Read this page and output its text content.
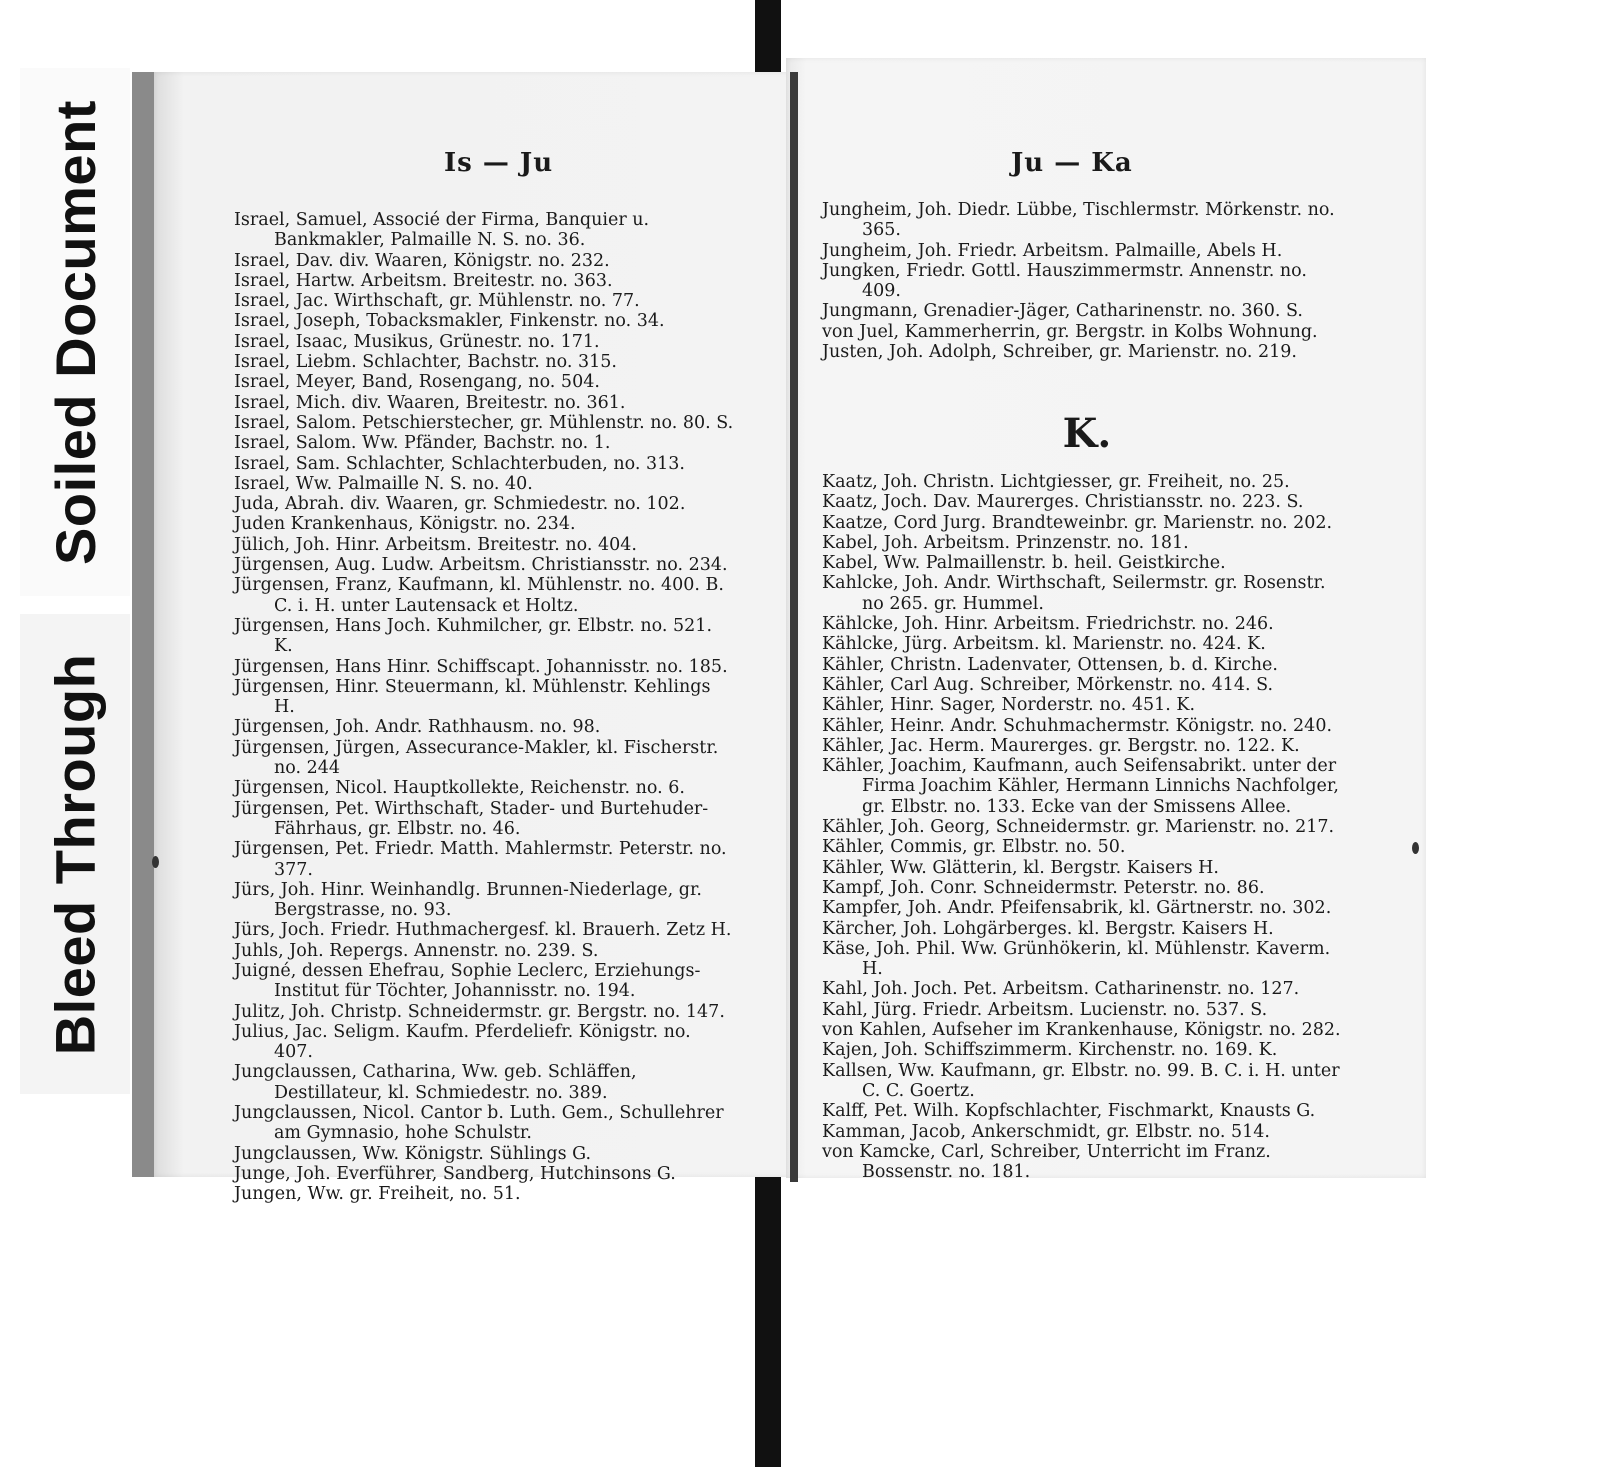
Soiled Document
Bleed Through
Is — Ju
Israel, Samuel, Associé der Firma, Banquier u. Bankmakler, Palmaille N. S. no. 36.
Israel, Dav. div. Waaren, Königstr. no. 232.
Israel, Hartw. Arbeitsm. Breitestr. no. 363.
Israel, Jac. Wirthschaft, gr. Mühlenstr. no. 77.
Israel, Joseph, Tobacksmakler, Finkenstr. no. 34.
Israel, Isaac, Musikus, Grünestr. no. 171.
Israel, Liebm. Schlachter, Bachstr. no. 315.
Israel, Meyer, Band, Rosengang, no. 504.
Israel, Mich. div. Waaren, Breitestr. no. 361.
Israel, Salom. Petschierstecher, gr. Mühlenstr. no. 80. S.
Israel, Salom. Ww. Pfänder, Bachstr. no. 1.
Israel, Sam. Schlachter, Schlachterbuden, no. 313.
Israel, Ww. Palmaille N. S. no. 40.
Juda, Abrah. div. Waaren, gr. Schmiedestr. no. 102.
Juden Krankenhaus, Königstr. no. 234.
Jülich, Joh. Hinr. Arbeitsm. Breitestr. no. 404.
Jürgensen, Aug. Ludw. Arbeitsm. Christiansstr. no. 234.
Jürgensen, Franz, Kaufmann, kl. Mühlenstr. no. 400. B. C. i. H. unter Lautensack et Holtz.
Jürgensen, Hans Joch. Kuhmilcher, gr. Elbstr. no. 521. K.
Jürgensen, Hans Hinr. Schiffscapt. Johannisstr. no. 185.
Jürgensen, Hinr. Steuermann, kl. Mühlenstr. Kehlings H.
Jürgensen, Joh. Andr. Rathhausm. no. 98.
Jürgensen, Jürgen, Assecurance-Makler, kl. Fischerstr. no. 244
Jürgensen, Nicol. Hauptkollekte, Reichenstr. no. 6.
Jürgensen, Pet. Wirthschaft, Stader- und Burtehuder-Fährhaus, gr. Elbstr. no. 46.
Jürgensen, Pet. Friedr. Matth. Mahlermstr. Peterstr. no. 377.
Jürs, Joh. Hinr. Weinhandlg. Brunnen-Niederlage, gr. Bergstrasse, no. 93.
Jürs, Joch. Friedr. Huthmachergesf. kl. Brauerh. Zetz H.
Juhls, Joh. Repergs. Annenstr. no. 239. S.
Juigné, dessen Ehefrau, Sophie Leclerc, Erziehungs-Institut für Töchter, Johannisstr. no. 194.
Julitz, Joh. Christp. Schneidermstr. gr. Bergstr. no. 147.
Julius, Jac. Seligm. Kaufm. Pferdeliefr. Königstr. no. 407.
Jungclaussen, Catharina, Ww. geb. Schläffen, Destillateur, kl. Schmiedestr. no. 389.
Jungclaussen, Nicol. Cantor b. Luth. Gem., Schullehrer am Gymnasio, hohe Schulstr.
Jungclaussen, Ww. Königstr. Sühlings G.
Junge, Joh. Everführer, Sandberg, Hutchinsons G.
Jungen, Ww. gr. Freiheit, no. 51.
Ju — Ka
Jungheim, Joh. Diedr. Lübbe, Tischlermstr. Mörkenstr. no. 365.
Jungheim, Joh. Friedr. Arbeitsm. Palmaille, Abels H.
Jungken, Friedr. Gottl. Hauszimmermstr. Annenstr. no. 409.
Jungmann, Grenadier-Jäger, Catharinenstr. no. 360. S.
von Juel, Kammerherrin, gr. Bergstr. in Kolbs Wohnung.
Justen, Joh. Adolph, Schreiber, gr. Marienstr. no. 219.
K.
Kaatz, Joh. Christn. Lichtgiesser, gr. Freiheit, no. 25.
Kaatz, Joch. Dav. Maurerges. Christiansstr. no. 223. S.
Kaatze, Cord Jurg. Brandteweinbr. gr. Marienstr. no. 202.
Kabel, Joh. Arbeitsm. Prinzenstr. no. 181.
Kabel, Ww. Palmaillenstr. b. heil. Geistkirche.
Kahlcke, Joh. Andr. Wirthschaft, Seilermstr. gr. Rosenstr. no 265. gr. Hummel.
Kählcke, Joh. Hinr. Arbeitsm. Friedrichstr. no. 246.
Kählcke, Jürg. Arbeitsm. kl. Marienstr. no. 424. K.
Kähler, Christn. Ladenvater, Ottensen, b. d. Kirche.
Kähler, Carl Aug. Schreiber, Mörkenstr. no. 414. S.
Kähler, Hinr. Sager, Norderstr. no. 451. K.
Kähler, Heinr. Andr. Schuhmachermstr. Königstr. no. 240.
Kähler, Jac. Herm. Maurerges. gr. Bergstr. no. 122. K.
Kähler, Joachim, Kaufmann, auch Seifensabrikt. unter der Firma Joachim Kähler, Hermann Linnichs Nachfolger, gr. Elbstr. no. 133. Ecke van der Smissens Allee.
Kähler, Joh. Georg, Schneidermstr. gr. Marienstr. no. 217.
Kähler, Commis, gr. Elbstr. no. 50.
Kähler, Ww. Glätterin, kl. Bergstr. Kaisers H.
Kampf, Joh. Conr. Schneidermstr. Peterstr. no. 86.
Kampfer, Joh. Andr. Pfeifensabrik, kl. Gärtnerstr. no. 302.
Kärcher, Joh. Lohgärberges. kl. Bergstr. Kaisers H.
Käse, Joh. Phil. Ww. Grünhökerin, kl. Mühlenstr. Kaverm. H.
Kahl, Joh. Joch. Pet. Arbeitsm. Catharinenstr. no. 127.
Kahl, Jürg. Friedr. Arbeitsm. Lucienstr. no. 537. S.
von Kahlen, Aufseher im Krankenhause, Königstr. no. 282.
Kajen, Joh. Schiffszimmerm. Kirchenstr. no. 169. K.
Kallsen, Ww. Kaufmann, gr. Elbstr. no. 99. B. C. i. H. unter C. C. Goertz.
Kalff, Pet. Wilh. Kopfschlachter, Fischmarkt, Knausts G.
Kamman, Jacob, Ankerschmidt, gr. Elbstr. no. 514.
von Kamcke, Carl, Schreiber, Unterricht im Franz. Bossenstr. no. 181.
